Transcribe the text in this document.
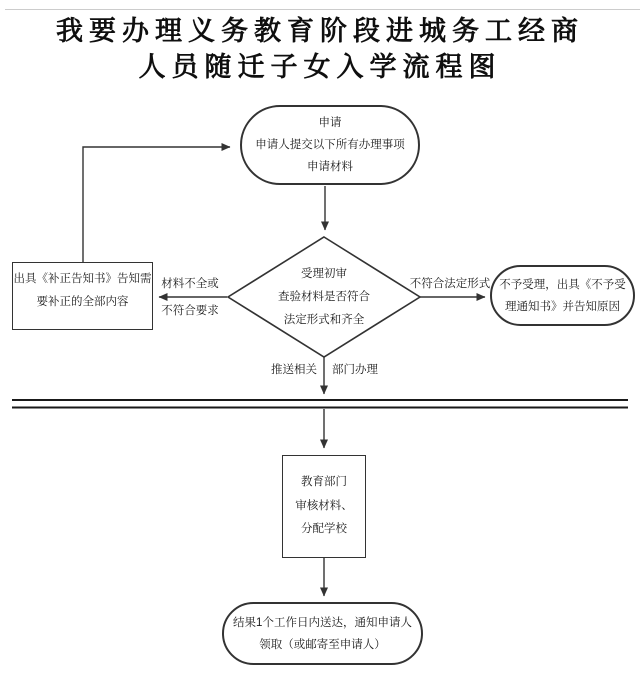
我要办理义务教育阶段进城务工经商
人员随迁子女入学流程图
申请
申请人提交以下所有办理事项
申请材料
受理初审
查验材料是否符合
法定形式和齐全
出具《补正告知书》告知需
要补正的全部内容
不予受理，出具《不予受
理通知书》并告知原因
教育部门
审核材料、
分配学校
结果1个工作日内送达，通知申请人
领取（或邮寄至申请人）
材料不全或
不符合要求
不符合法定形式
推送相关 部门办理
